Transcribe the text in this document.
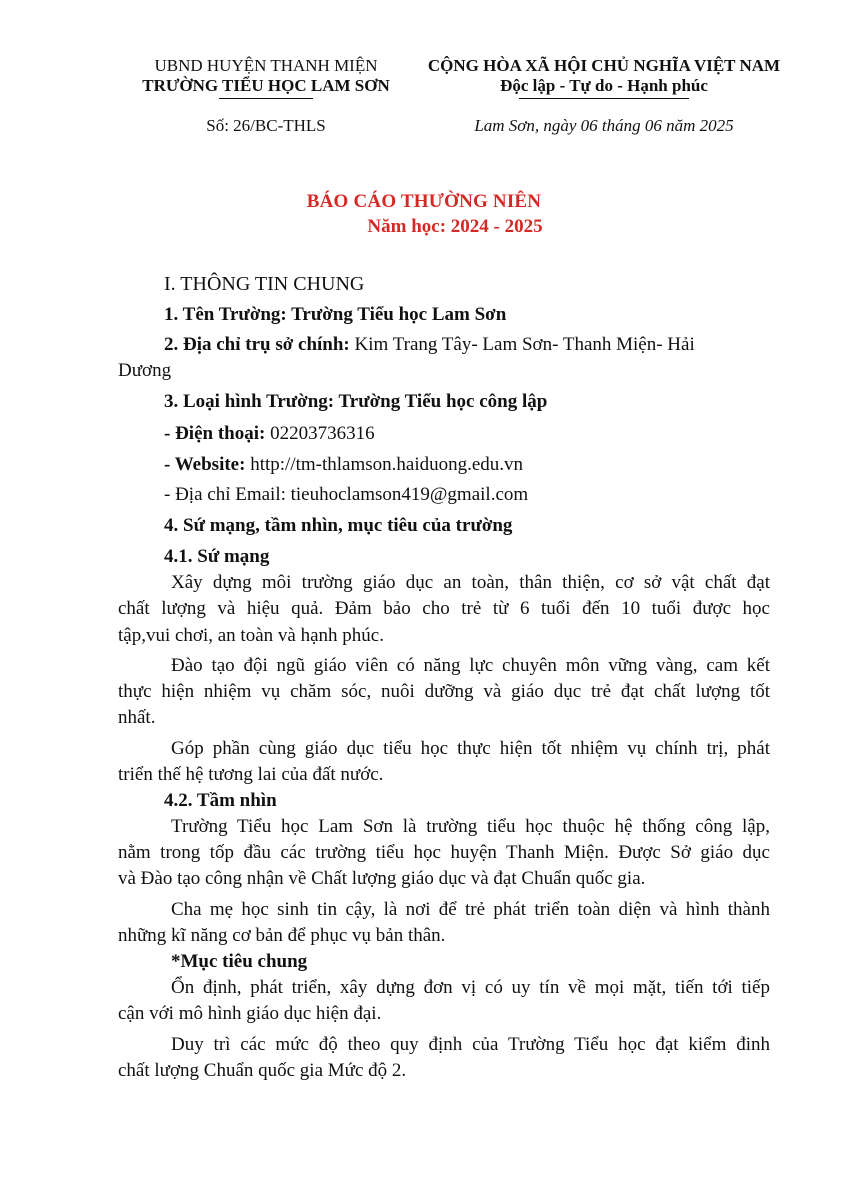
UBND HUYỆN THANH MIỆN
TRƯỜNG TIỂU HỌC LAM SƠN
CỘNG HÒA XÃ HỘI CHỦ NGHĨA VIỆT NAM
Độc lập - Tự do - Hạnh phúc
Số: 26/BC-THLS	Lam Sơn, ngày 06 tháng 06 năm 2025
BÁO CÁO THƯỜNG NIÊN
Năm học: 2024 - 2025
I. THÔNG TIN CHUNG
1. Tên Trường: Trường Tiểu học Lam Sơn
2. Địa chỉ trụ sở chính: Kim Trang Tây- Lam Sơn- Thanh Miện- Hải
Dương
3. Loại hình Trường: Trường Tiểu học công lập
- Điện thoại: 02203736316
- Website: http://tm-thlamson.haiduong.edu.vn
- Địa chỉ Email: tieuhoclamson419@gmail.com
4. Sứ mạng, tầm nhìn, mục tiêu của trường
4.1. Sứ mạng
Xây dựng môi trường giáo dục an toàn, thân thiện, cơ sở vật chất đạt
chất lượng và hiệu quả. Đảm bảo cho trẻ từ 6 tuổi đến 10 tuổi được học
tập,vui chơi, an toàn và hạnh phúc.
Đào tạo đội ngũ giáo viên có năng lực chuyên môn vững vàng, cam kết
thực hiện nhiệm vụ chăm sóc, nuôi dưỡng và giáo dục trẻ đạt chất lượng tốt
nhất.
Góp phần cùng giáo dục tiểu học thực hiện tốt nhiệm vụ chính trị, phát
triển thế hệ tương lai của đất nước.
4.2. Tầm nhìn
Trường Tiểu học Lam Sơn là trường tiểu học thuộc hệ thống công lập,
nằm trong tốp đầu các trường tiểu học huyện Thanh Miện. Được Sở giáo dục
và Đào tạo công nhận về Chất lượng giáo dục và đạt Chuẩn quốc gia.
Cha mẹ học sinh tin cậy, là nơi để trẻ phát triển toàn diện và hình thành
những kĩ năng cơ bản để phục vụ bản thân.
*Mục tiêu chung
Ổn định, phát triển, xây dựng đơn vị có uy tín về mọi mặt, tiến tới tiếp
cận với mô hình giáo dục hiện đại.
Duy trì các mức độ theo quy định của Trường Tiểu học đạt kiểm đinh
chất lượng Chuẩn quốc gia Mức độ 2.
